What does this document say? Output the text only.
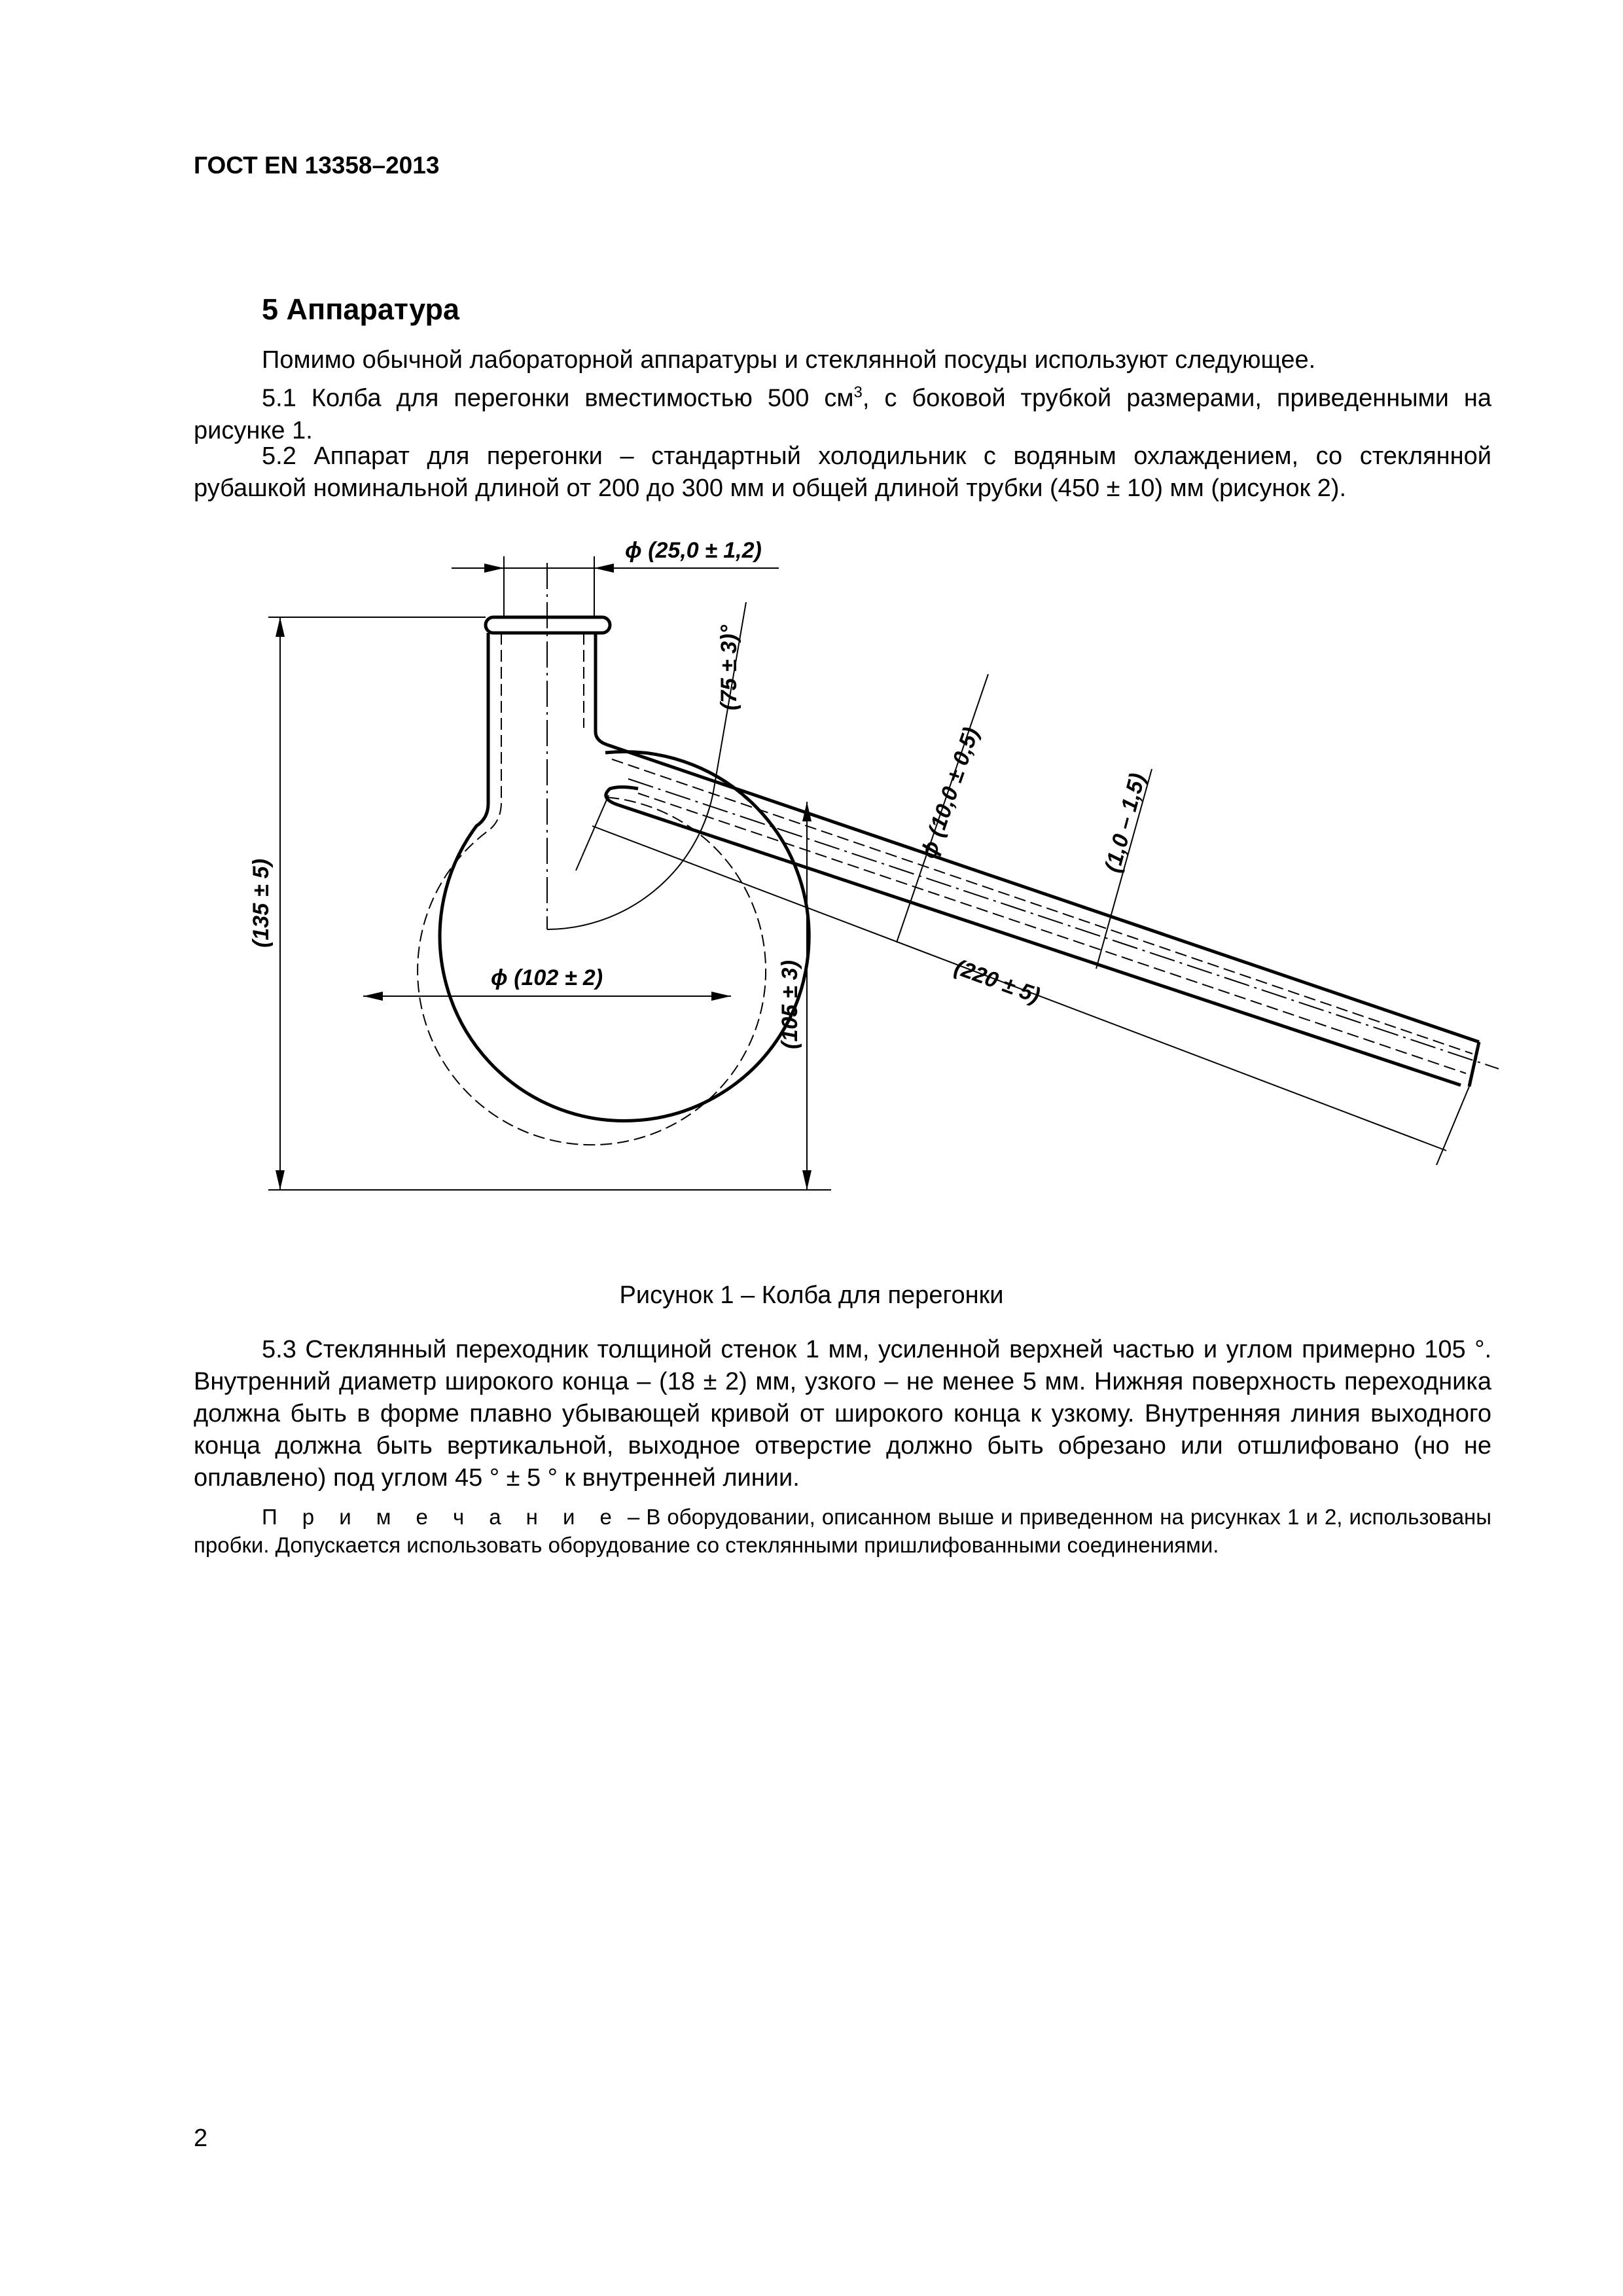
ГОСТ EN 13358–2013
5 Аппаратура
Помимо обычной лабораторной аппаратуры и стеклянной посуды используют следующее.
5.1 Колба для перегонки вместимостью 500 $см^3$, с боковой трубкой размерами, приведенными на рисунке 1.
5.2 Аппарат для перегонки – стандартный холодильник с водяным охлаждением, со стеклянной рубашкой номинальной длиной от 200 до 300 мм и общей длиной трубки (450 ± 10) мм (рисунок 2).
ϕ (25,0 ± 1,2)
(135 ± 5)
ϕ (102 ± 2)	(105 ± 3)
(75 ± 3)°
(220 ± 5)
ϕ (10,0 ± 0,5)	(1,0 – 1,5)
Рисунок 1 – Колба для перегонки
5.3 Стеклянный переходник толщиной стенок 1 мм, усиленной верхней частью и углом примерно 105 °. Внутренний диаметр широкого конца – (18 ± 2) мм, узкого – не менее 5 мм. Нижняя поверхность переходника должна быть в форме плавно убывающей кривой от широкого конца к узкому. Внутренняя линия выходного конца должна быть вертикальной, выходное отверстие должно быть обрезано или отшлифовано (но не оплавлено) под углом 45 ° ± 5 ° к внутренней линии.
П р и м е ч а н и е – В оборудовании, описанном выше и приведенном на рисунках 1 и 2, использованы пробки. Допускается использовать оборудование со стеклянными пришлифованными соединениями.
2
